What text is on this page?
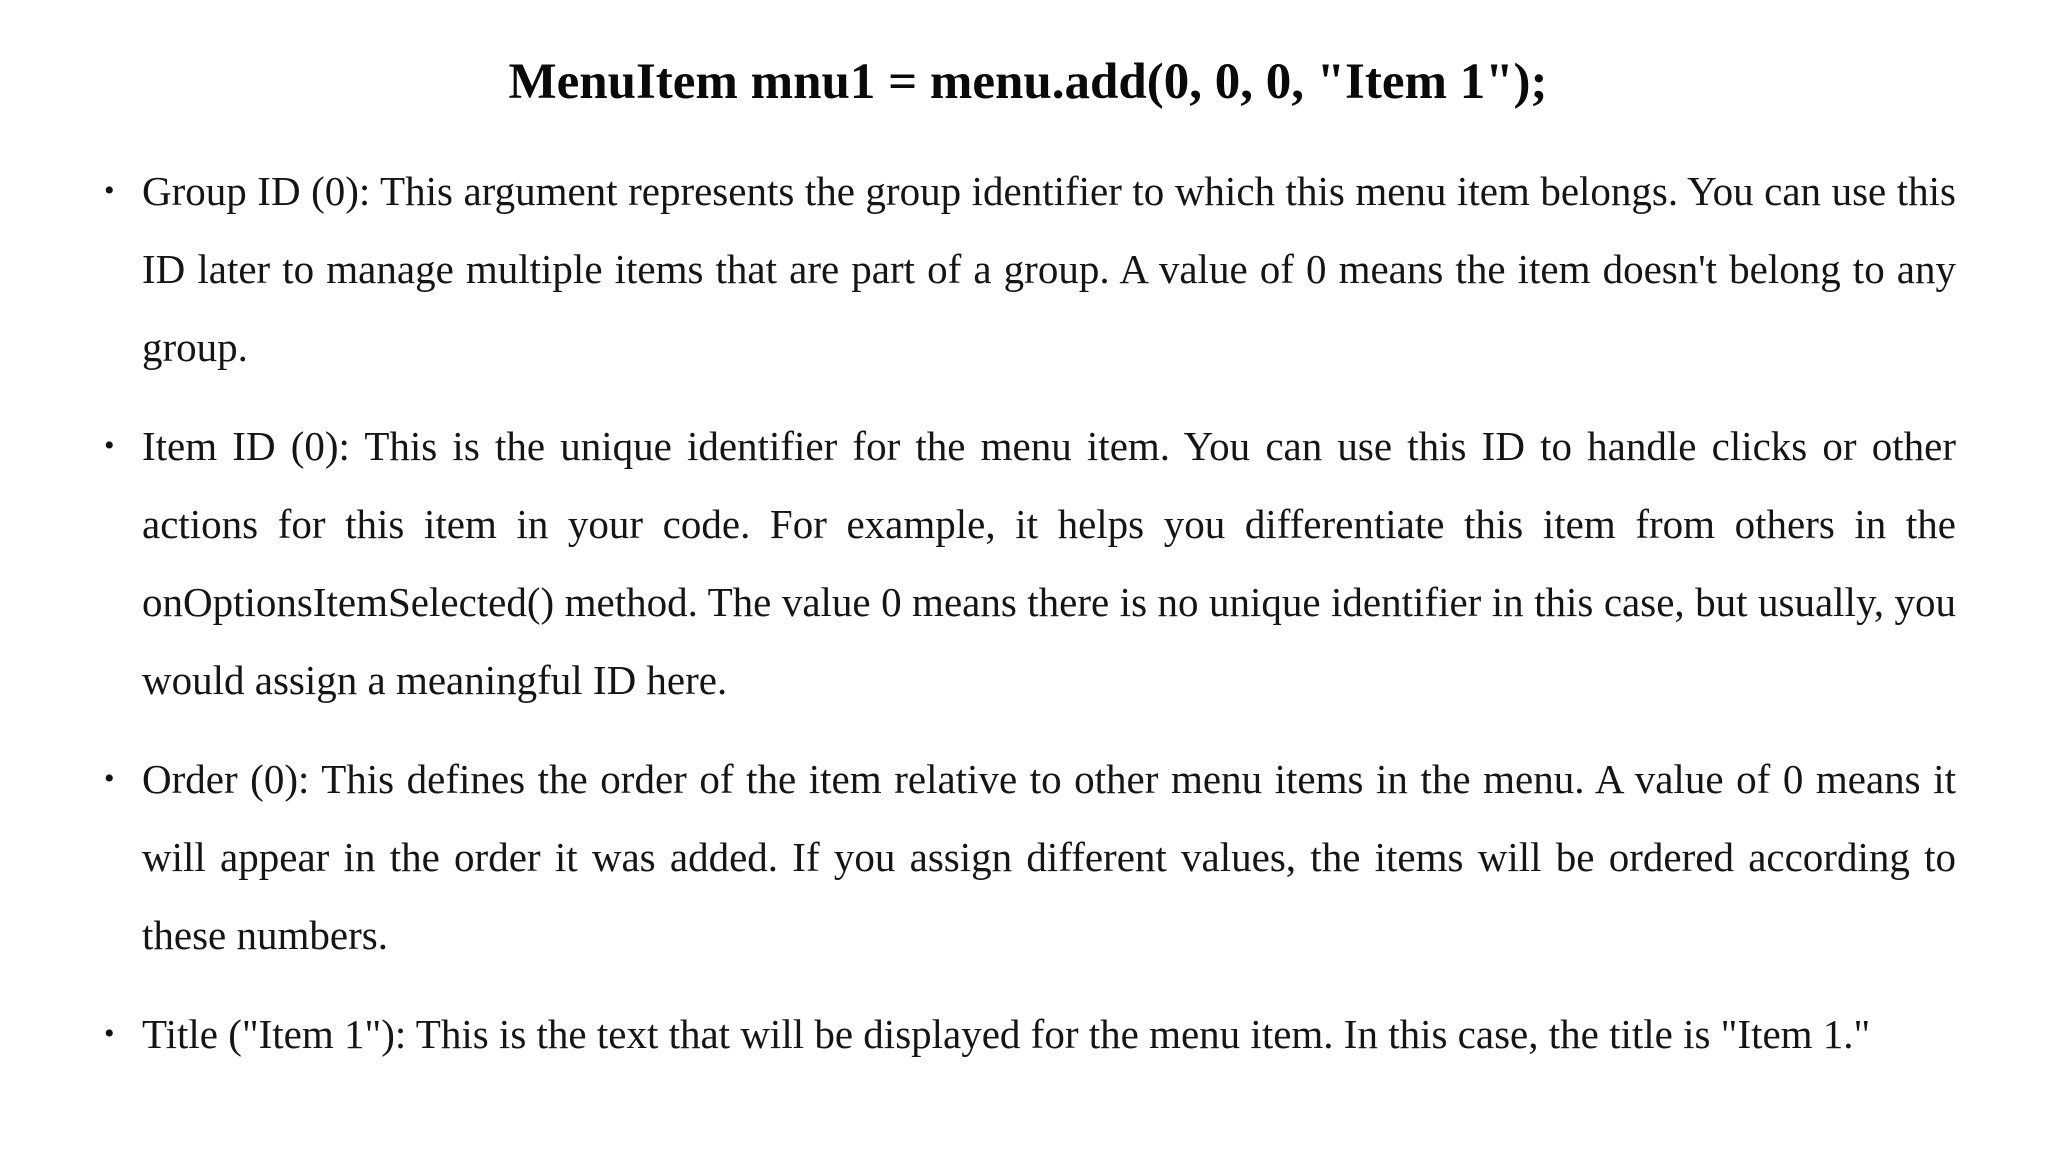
MenuItem mnu1 = menu.add(0, 0, 0, "Item 1");
• Group ID (0): This argument represents the group identifier to which this menu item belongs. You can use this ID later to manage multiple items that are part of a group. A value of 0 means the item doesn't belong to any group.
• Item ID (0): This is the unique identifier for the menu item. You can use this ID to handle clicks or other actions for this item in your code. For example, it helps you differentiate this item from others in the onOptionsItemSelected() method. The value 0 means there is no unique identifier in this case, but usually, you would assign a meaningful ID here.
• Order (0): This defines the order of the item relative to other menu items in the menu. A value of 0 means it will appear in the order it was added. If you assign different values, the items will be ordered according to these numbers.
• Title ("Item 1"): This is the text that will be displayed for the menu item. In this case, the title is "Item 1."
